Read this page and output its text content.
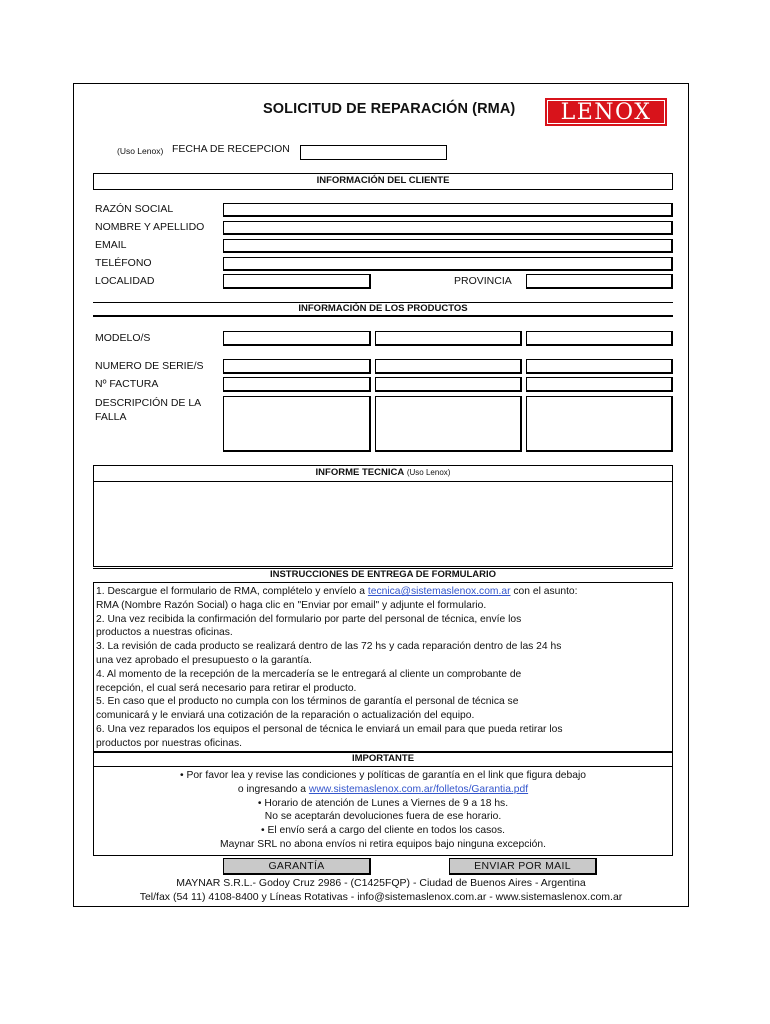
SOLICITUD DE REPARACIÓN (RMA)	LENOX
(Uso Lenox) FECHA DE RECEPCION
INFORMACIÓN DEL CLIENTE
RAZÓN SOCIAL
NOMBRE Y APELLIDO
EMAIL
TELÉFONO
LOCALIDAD	PROVINCIA
INFORMACIÓN DE LOS PRODUCTOS
MODELO/S
NUMERO DE SERIE/S
Nº FACTURA
DESCRIPCIÓN DE LA
FALLA
INFORME TECNICA (Uso Lenox)
INSTRUCCIONES DE ENTREGA DE FORMULARIO

1. Descargue el formulario de RMA, complételo y envíelo a tecnica@sistemaslenox.com.ar con el asunto:

RMA (Nombre Razón Social) o haga clic en "Enviar por email" y adjunte el formulario.

2. Una vez recibida la confirmación del formulario por parte del personal de técnica, envíe los

productos a nuestras oficinas.

3. La revisión de cada producto se realizará dentro de las 72 hs y cada reparación dentro de las 24 hs

una vez aprobado el presupuesto o la garantía.

4. Al momento de la recepción de la mercadería se le entregará al cliente un comprobante de

recepción, el cual será necesario para retirar el producto.

5. En caso que el producto no cumpla con los términos de garantía el personal de técnica se

comunicará y le enviará una cotización de la reparación o actualización del equipo.

6. Una vez reparados los equipos el personal de técnica le enviará un email para que pueda retirar los

productos por nuestras oficinas.

IMPORTANTE

• Por favor lea y revise las condiciones y políticas de garantía en el link que figura debajo

o ingresando a www.sistemaslenox.com.ar/folletos/Garantia.pdf

• Horario de atención de Lunes a Viernes de 9 a 18 hs.

No se aceptarán devoluciones fuera de ese horario.

• El envío será a cargo del cliente en todos los casos.

Maynar SRL no abona envíos ni retira equipos bajo ninguna excepción.

GARANTÍA	ENVIAR POR MAIL
MAYNAR S.R.L.- Godoy Cruz 2986 - (C1425FQP) - Ciudad de Buenos Aires - Argentina
Tel/fax (54 11) 4108-8400 y Líneas Rotativas - info@sistemaslenox.com.ar - www.sistemaslenox.com.ar
